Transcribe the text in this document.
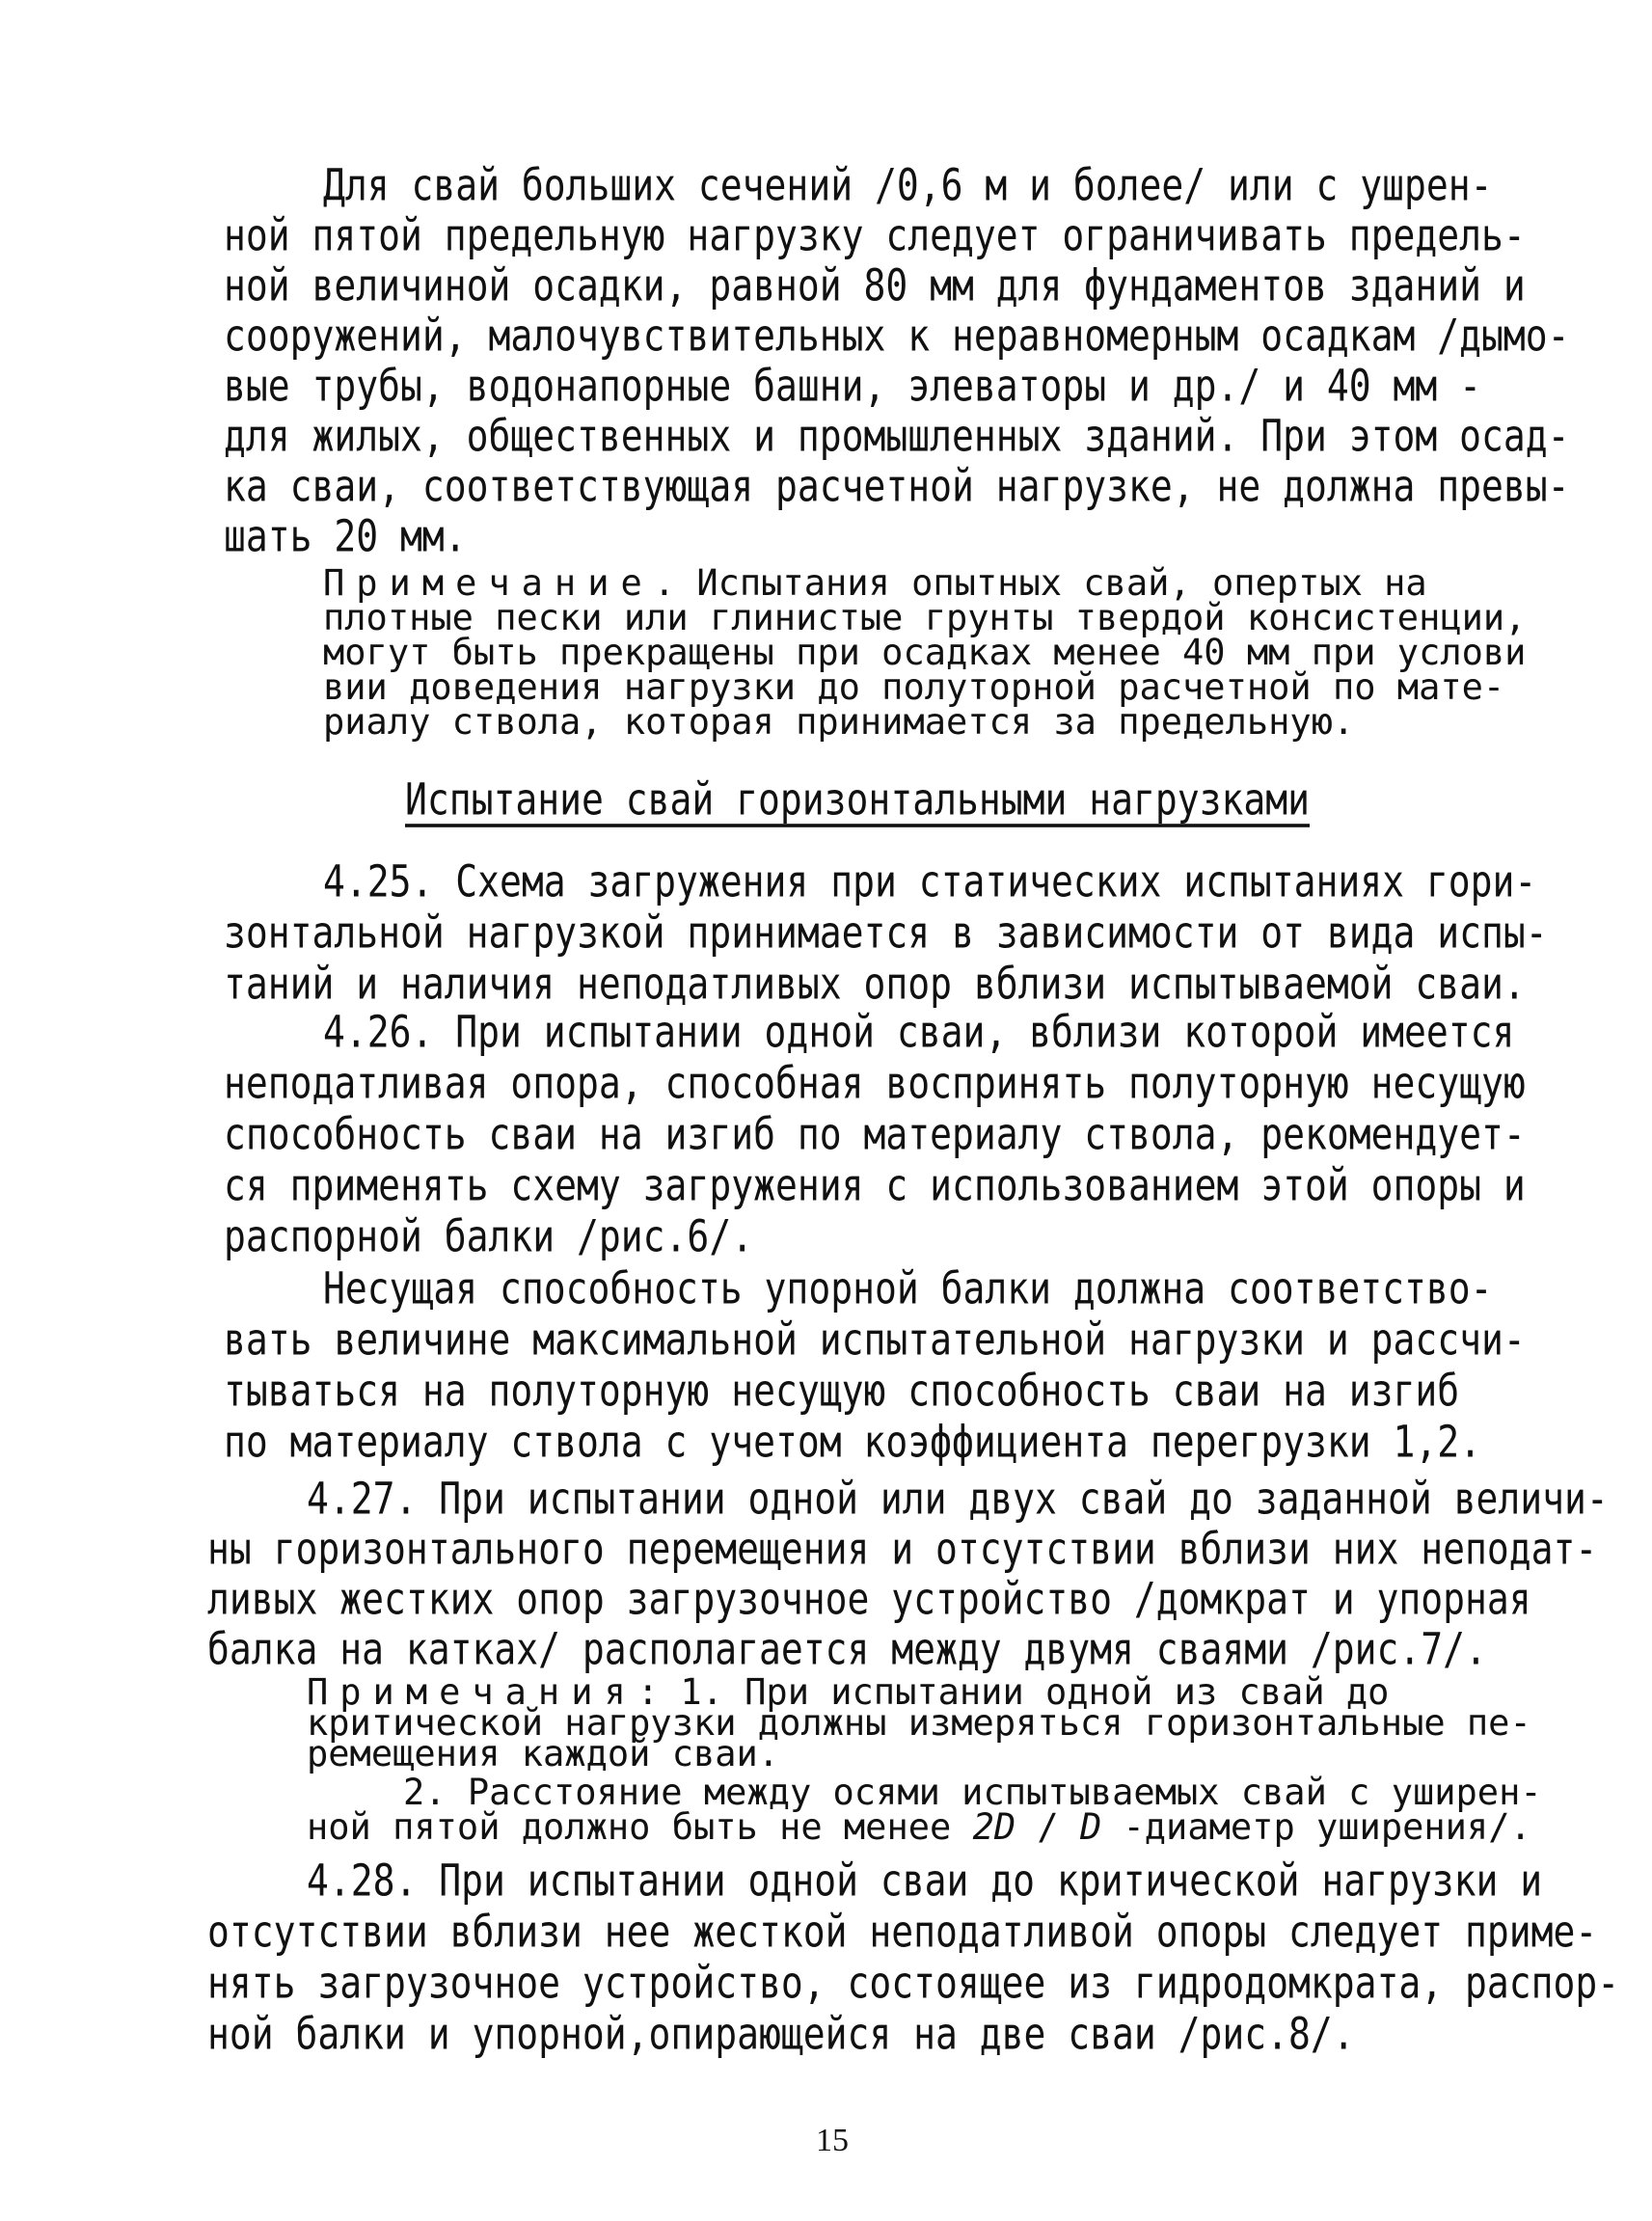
Для свай больших сечений /0,6 м и более/ или с ушрен-
ной пятой предельную нагрузку следует ограничивать предель-
ной величиной осадки, равной 80 мм для фундаментов зданий и
сооружений, малочувствительных к неравномерным осадкам /дымо-
вые трубы, водонапорные башни, элеваторы и др./ и 40 мм -
для жилых, общественных и промышленных зданий. При этом осад-
ка сваи, соответствующая расчетной нагрузке, не должна превы-
шать 20 мм.
Примечание. Испытания опытных свай, опертых на
плотные пески или глинистые грунты твердой консистенции,
могут быть прекращены при осадках менее 40 мм при услови
вии доведения нагрузки до полуторной расчетной по мате-
риалу ствола, которая принимается за предельную.
Испытание свай горизонтальными нагрузками
4.25. Схема загружения при статических испытаниях гори-
зонтальной нагрузкой принимается в зависимости от вида испы-
таний и наличия неподатливых опор вблизи испытываемой сваи.
4.26. При испытании одной сваи, вблизи которой имеется
неподатливая опора, способная воспринять полуторную несущую
способность сваи на изгиб по материалу ствола, рекомендует-
ся применять схему загружения с использованием этой опоры и
распорной балки /рис.6/.
Несущая способность упорной балки должна соответство-
вать величине максимальной испытательной нагрузки и рассчи-
тываться на полуторную несущую способность сваи на изгиб
по материалу ствола с учетом коэффициента перегрузки 1,2.
4.27. При испытании одной или двух свай до заданной величи-
ны горизонтального перемещения и отсутствии вблизи них неподат-
ливых жестких опор загрузочное устройство /домкрат и упорная
балка на катках/ располагается между двумя сваями /рис.7/.
Примечания: 1. При испытании одной из свай до
критической нагрузки должны измеряться горизонтальные пе-
ремещения каждой сваи.
2. Расстояние между осями испытываемых свай с уширен-
ной пятой должно быть не менее 2D / D -диаметр уширения/.
4.28. При испытании одной сваи до критической нагрузки и
отсутствии вблизи нее жесткой неподатливой опоры следует приме-
нять загрузочное устройство, состоящее из гидродомкрата, распор-
ной балки и упорной,опирающейся на две сваи /рис.8/.
15
